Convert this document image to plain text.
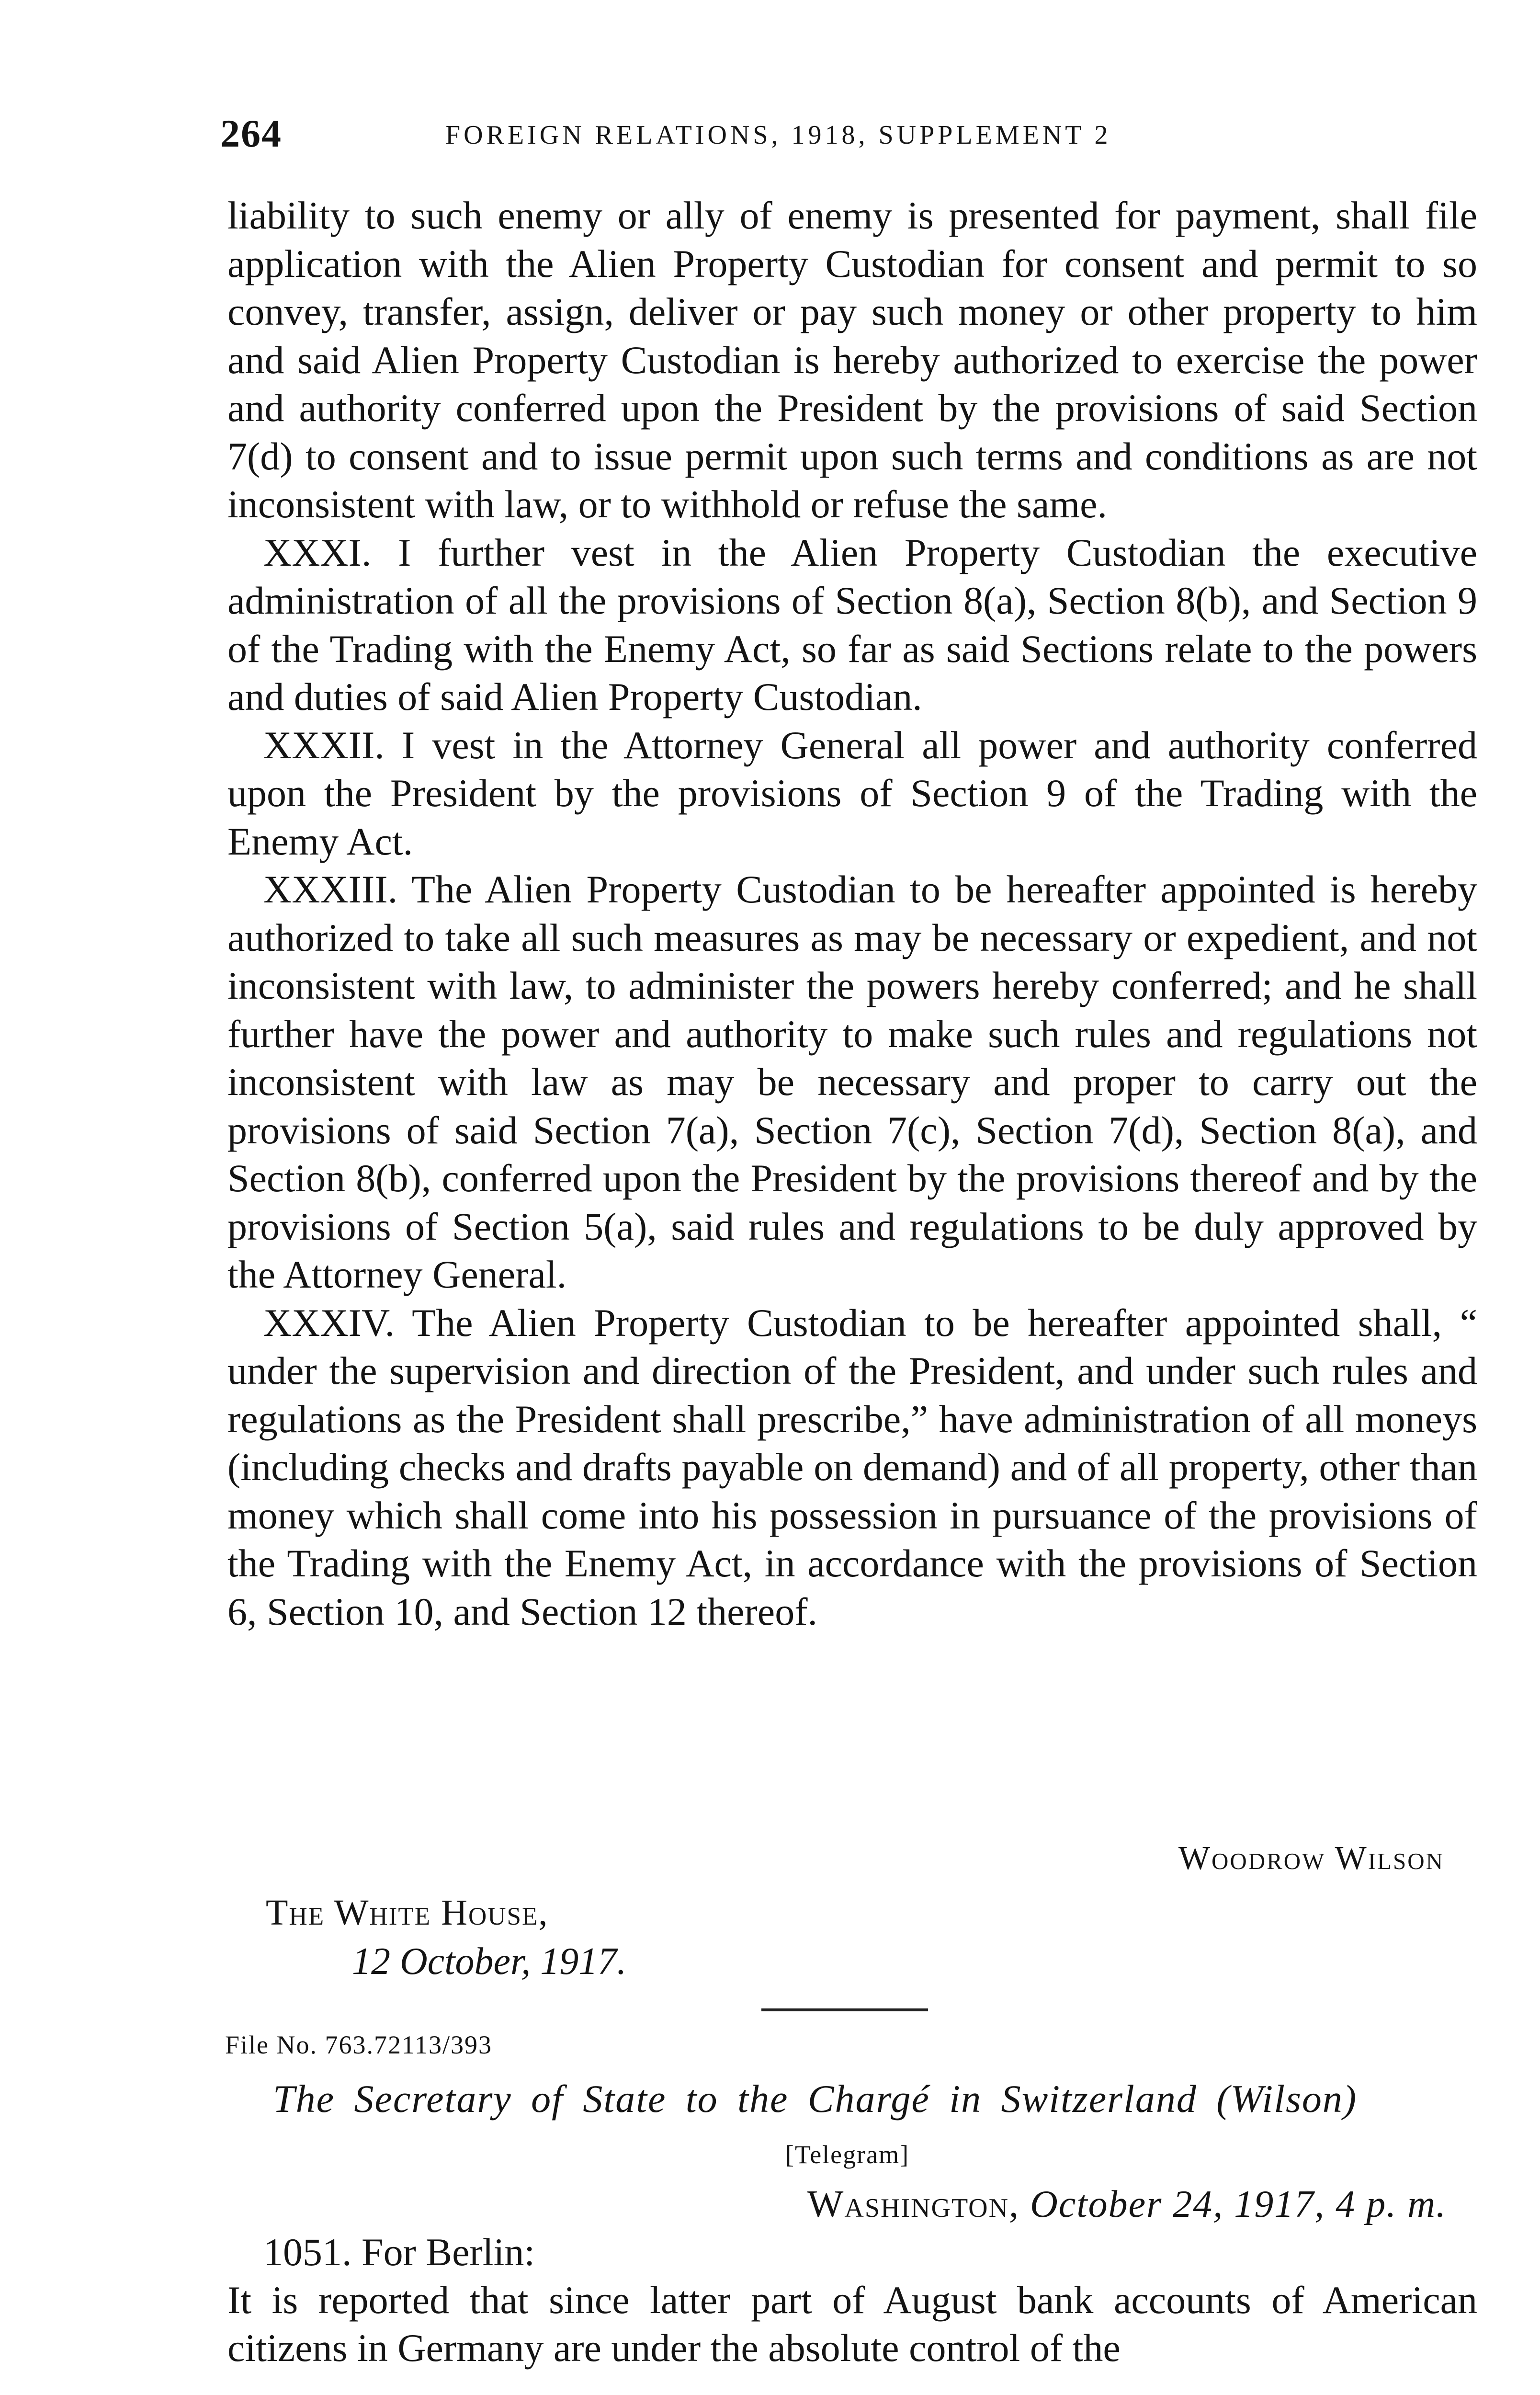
264	FOREIGN RELATIONS, 1918, SUPPLEMENT 2

liability to such enemy or ally of enemy is presented for payment, shall file application with the Alien Property Custodian for consent and permit to so convey, transfer, assign, deliver or pay such money or other property to him and said Alien Property Custodian is hereby authorized to exercise the power and authority conferred upon the President by the provisions of said Section 7(d) to consent and to issue permit upon such terms and conditions as are not inconsistent with law, or to withhold or refuse the same.

XXXI. I further vest in the Alien Property Custodian the executive administration of all the provisions of Section 8(a), Section 8(b), and Section 9 of the Trading with the Enemy Act, so far as said Sections relate to the powers and duties of said Alien Property Custodian.

XXXII. I vest in the Attorney General all power and authority conferred upon the President by the provisions of Section 9 of the Trading with the Enemy Act.

XXXIII. The Alien Property Custodian to be hereafter appointed is hereby authorized to take all such measures as may be necessary or expedient, and not inconsistent with law, to administer the powers hereby conferred; and he shall further have the power and authority to make such rules and regulations not inconsistent with law as may be necessary and proper to carry out the provisions of said Section 7(a), Section 7(c), Section 7(d), Section 8(a), and Section 8(b), conferred upon the President by the provisions thereof and by the provisions of Section 5(a), said rules and regulations to be duly approved by the Attorney General.

XXXIV. The Alien Property Custodian to be hereafter appointed shall, “ under the supervision and direction of the President, and under such rules and regulations as the President shall prescribe,” have administration of all moneys (including checks and drafts payable on demand) and of all property, other than money which shall come into his possession in pursuance of the provisions of the Trading with the Enemy Act, in accordance with the provisions of Section 6, Section 10, and Section 12 thereof.

Woodrow Wilson
The White House,
12 October, 1917.
File No. 763.72113/393
The Secretary of State to the Chargé in Switzerland (Wilson)
[Telegram]
Washington, October 24, 1917, 4 p. m.

1051. For Berlin:

It is reported that since latter part of August bank accounts of American citizens in Germany are under the absolute control of the
